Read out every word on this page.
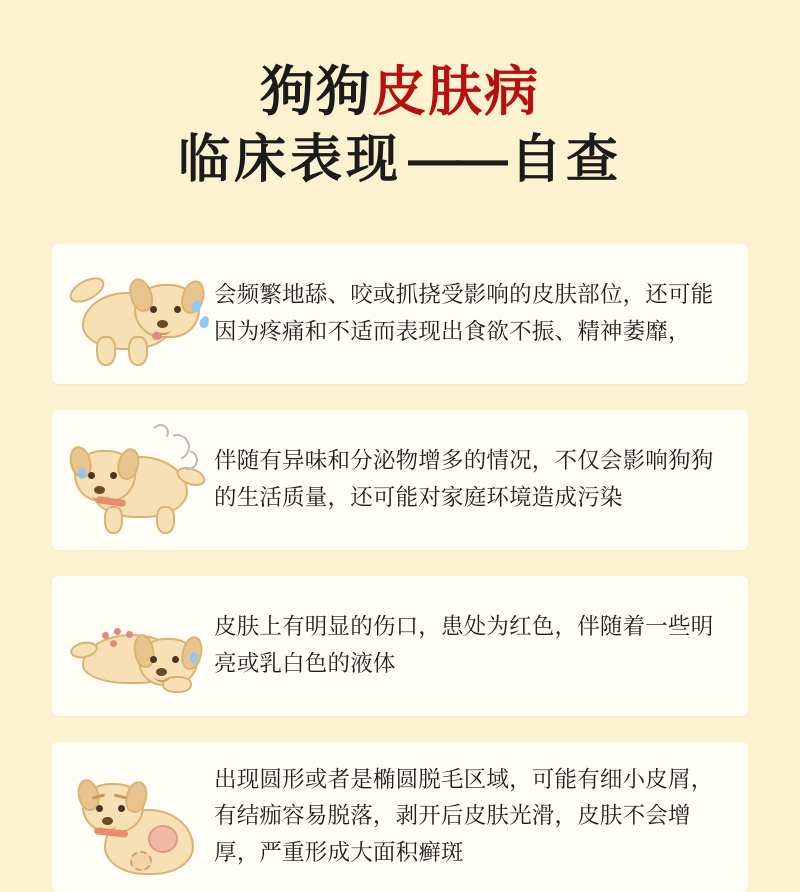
狗狗皮肤病
临床表现 —— 自查
会频繁地舔、咬或抓挠受影响的皮肤部位，还可能因为疼痛和不适而表现出食欲不振、精神萎靡，
伴随有异味和分泌物增多的情况，不仅会影响狗狗的生活质量，还可能对家庭环境造成污染
皮肤上有明显的伤口，患处为红色，伴随着一些明亮或乳白色的液体
出现圆形或者是椭圆脱毛区域，可能有细小皮屑，有结痂容易脱落，剥开后皮肤光滑，皮肤不会增厚，严重形成大面积癣斑
